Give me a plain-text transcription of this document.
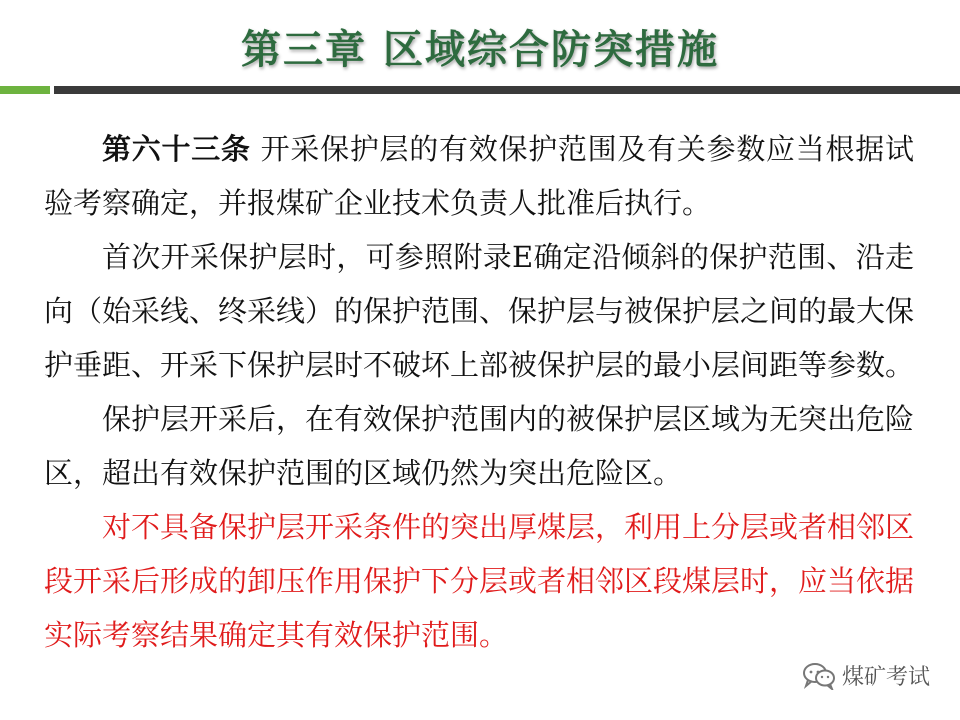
第三章 区域综合防突措施

第六十三条 开采保护层的有效保护范围及有关参数应当根据试验考察确定，并报煤矿企业技术负责人批准后执行。

首次开采保护层时，可参照附录E确定沿倾斜的保护范围、沿走向（始采线、终采线）的保护范围、保护层与被保护层之间的最大保护垂距、开采下保护层时不破坏上部被保护层的最小层间距等参数。

保护层开采后，在有效保护范围内的被保护层区域为无突出危险区，超出有效保护范围的区域仍然为突出危险区。

对不具备保护层开采条件的突出厚煤层，利用上分层或者相邻区段开采后形成的卸压作用保护下分层或者相邻区段煤层时，应当依据实际考察结果确定其有效保护范围。

煤矿考试
